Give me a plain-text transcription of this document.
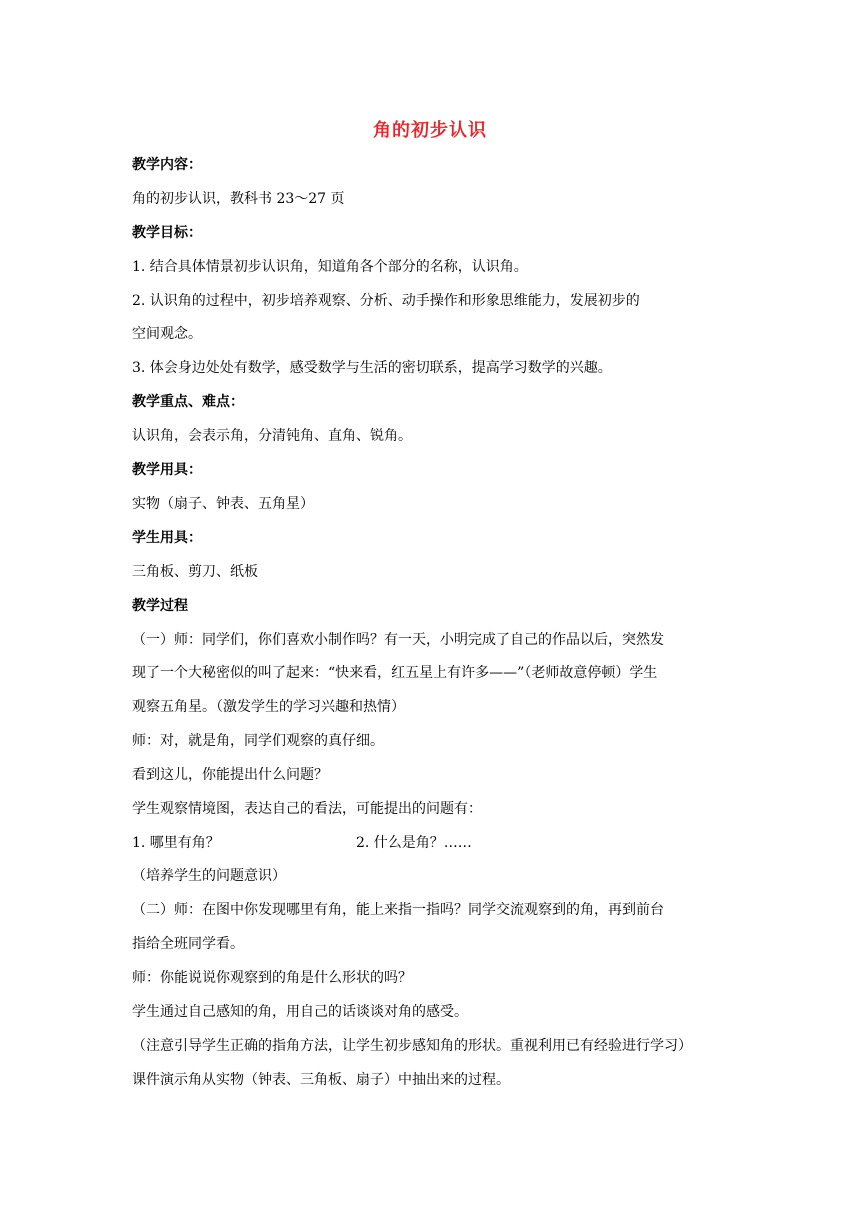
角的初步认识
教学内容：
角的初步认识，教科书 23～27 页
教学目标：
1. 结合具体情景初步认识角，知道角各个部分的名称，认识角。
2. 认识角的过程中，初步培养观察、分析、动手操作和形象思维能力，发展初步的
空间观念。
3. 体会身边处处有数学，感受数学与生活的密切联系，提高学习数学的兴趣。
教学重点、难点：
认识角，会表示角，分清钝角、直角、锐角。
教学用具：
实物（扇子、钟表、五角星）
学生用具：
三角板、剪刀、纸板
教学过程
（一）师：同学们，你们喜欢小制作吗？有一天，小明完成了自己的作品以后，突然发
现了一个大秘密似的叫了起来：“快来看，红五星上有许多——”（老师故意停顿）学生
观察五角星。（激发学生的学习兴趣和热情）
师：对，就是角，同学们观察的真仔细。
看到这儿，你能提出什么问题？
学生观察情境图，表达自己的看法，可能提出的问题有：
1. 哪里有角？	2. 什么是角？……
（培养学生的问题意识）
（二）师：在图中你发现哪里有角，能上来指一指吗？同学交流观察到的角，再到前台
指给全班同学看。
师：你能说说你观察到的角是什么形状的吗？
学生通过自己感知的角，用自己的话谈谈对角的感受。
（注意引导学生正确的指角方法，让学生初步感知角的形状。重视利用已有经验进行学习）
课件演示角从实物（钟表、三角板、扇子）中抽出来的过程。
